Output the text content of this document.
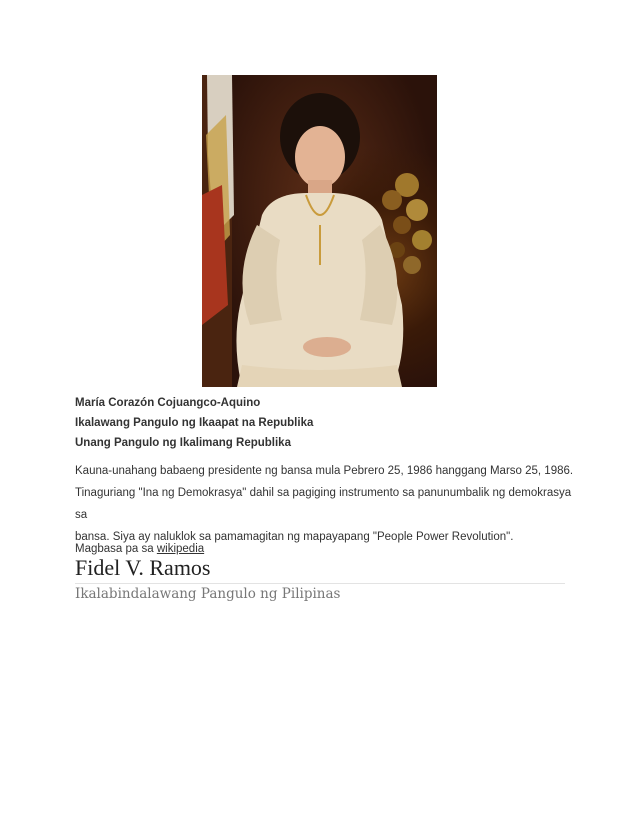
María Corazón Cojuangco-Aquino
Ikalawang Pangulo ng Ikaapat na Republika
Unang Pangulo ng Ikalimang Republika
Kauna-unahang babaeng presidente ng bansa mula Pebrero 25, 1986 hanggang Marso 25, 1986.
Tinaguriang "Ina ng Demokrasya" dahil sa pagiging instrumento sa panunumbalik ng demokrasya sa
bansa. Siya ay naluklok sa pamamagitan ng mapayapang "People Power Revolution".
Magbasa pa sa wikipedia
Fidel V. Ramos
Ikalabindalawang Pangulo ng Pilipinas
